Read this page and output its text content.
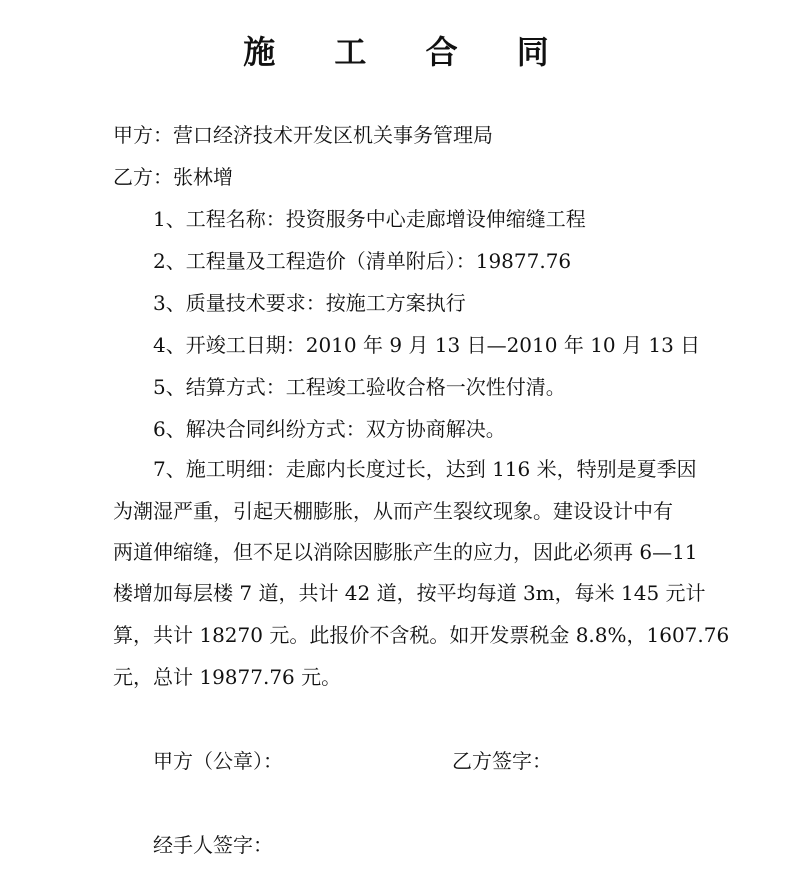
施 工 合 同
甲方：营口经济技术开发区机关事务管理局
乙方：张林增
1、工程名称：投资服务中心走廊增设伸缩缝工程
2、工程量及工程造价（清单附后）：19877.76
3、质量技术要求：按施工方案执行
4、开竣工日期：2010 年 9 月 13 日—2010 年 10 月 13 日
5、结算方式：工程竣工验收合格一次性付清。
6、解决合同纠纷方式：双方协商解决。
7、施工明细：走廊内长度过长，达到 116 米，特别是夏季因
为潮湿严重，引起天棚膨胀，从而产生裂纹现象。建设设计中有
两道伸缩缝，但不足以消除因膨胀产生的应力，因此必须再 6—11
楼增加每层楼 7 道，共计 42 道，按平均每道 3m，每米 145 元计
算，共计 18270 元。此报价不含税。如开发票税金 8.8%，1607.76
元，总计 19877.76 元。
甲方（公章）：	乙方签字：
经手人签字：
